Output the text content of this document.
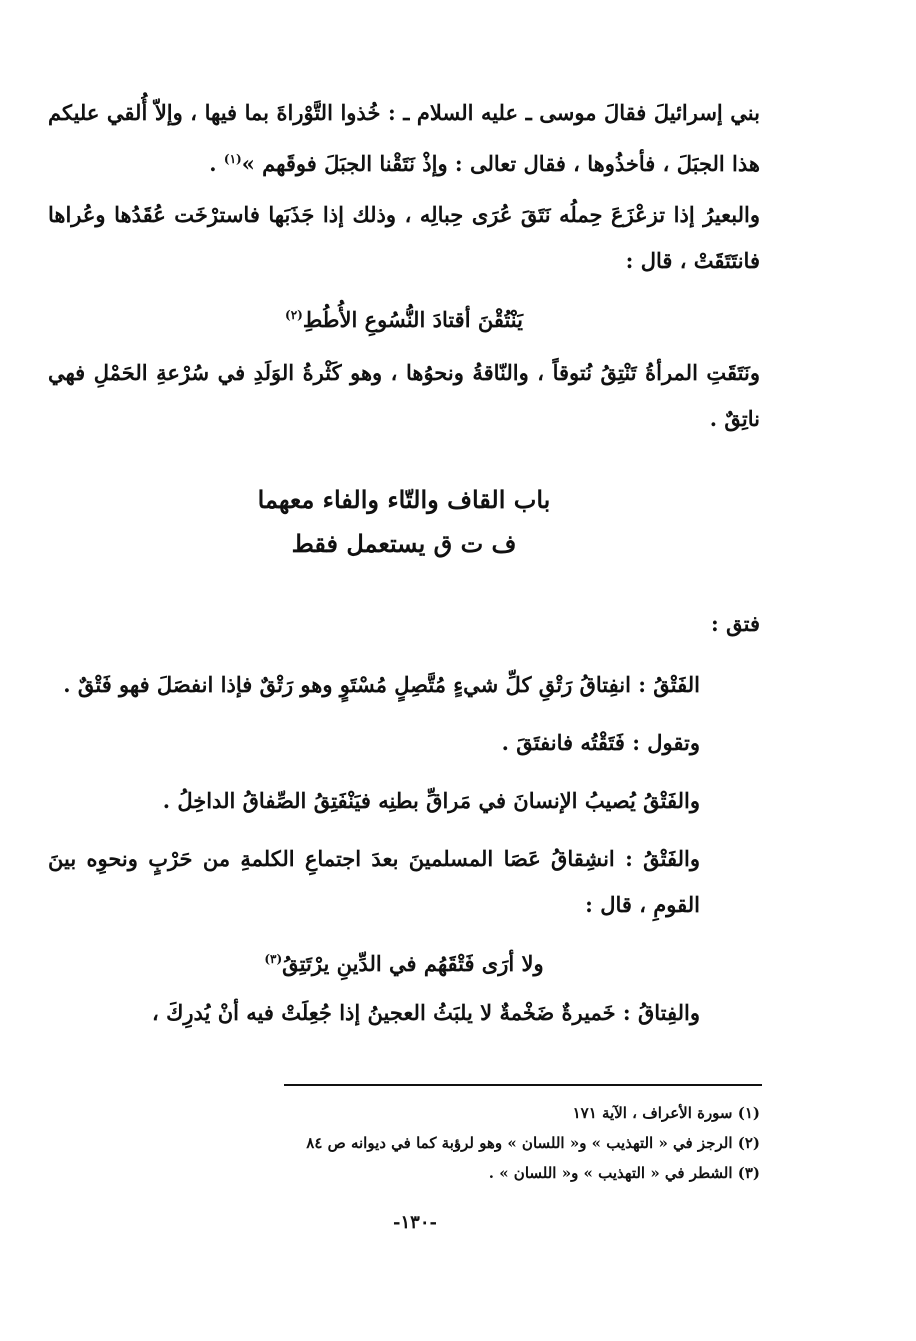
بني إسرائيلَ فقالَ موسى ـ عليه السلام ـ : خُذوا التَّوْراةَ بما فيها ، وإلاّ أُلقي عليكم هذا الجبَلَ ، فأخذُوها ، فقال تعالى : وإذْ نَتَقْنا الجبَلَ فوقَهم »$^{(١)}$ .

والبعيرُ إذا تزعْزَعَ حِملُه نَتَقَ عُرَى حِبالِه ، وذلك إذا جَذَبَها فاسترْخَت عُقَدُها وعُراها فانتَتَقَتْ ، قال :

يَنْتُقْنَ أقتادَ النُّسُوعِ الأُطُطِ$^{(٢)}$

ونَتَقَتِ المرأةُ تَنْتِقُ نُتوقاً ، والنّاقةُ ونحوُها ، وهو كَثْرةُ الوَلَدِ في سُرْعةِ الحَمْلِ فهي ناتِقٌ .

باب القاف والتّاء والفاء معهما
ف ت ق يستعمل فقط
فتق :

الفَتْقُ : انفِتاقُ رَتْقِ كلِّ شيءٍ مُتَّصِلٍ مُسْتَوٍ وهو رَتْقٌ فإذا انفصَلَ فهو فَتْقٌ .

وتقول : فَتَقْتُه فانفتَقَ .

والفَتْقُ يُصيبُ الإنسانَ في مَراقِّ بطنِه فيَنْفَتِقُ الصِّفاقُ الداخِلُ .

والفَتْقُ : انشِقاقُ عَصَا المسلمينَ بعدَ اجتماعِ الكلمةِ من حَرْبٍ ونحوِه بينَ القومِ ، قال :

ولا أرَى فَتْقَهُم في الدِّينِ يرْتَتِقُ$^{(٣)}$

والفِتاقُ : خَميرةٌ ضَخْمةٌ لا يلبَثُ العجينُ إذا جُعِلَتْ فيه أنْ يُدرِكَ ،

(١) سورة الأعراف ، الآية ١٧١
(٢) الرجز في « التهذيب » و« اللسان » وهو لرؤبة كما في ديوانه ص ٨٤
(٣) الشطر في « التهذيب » و« اللسان » .
-١٣٠-
